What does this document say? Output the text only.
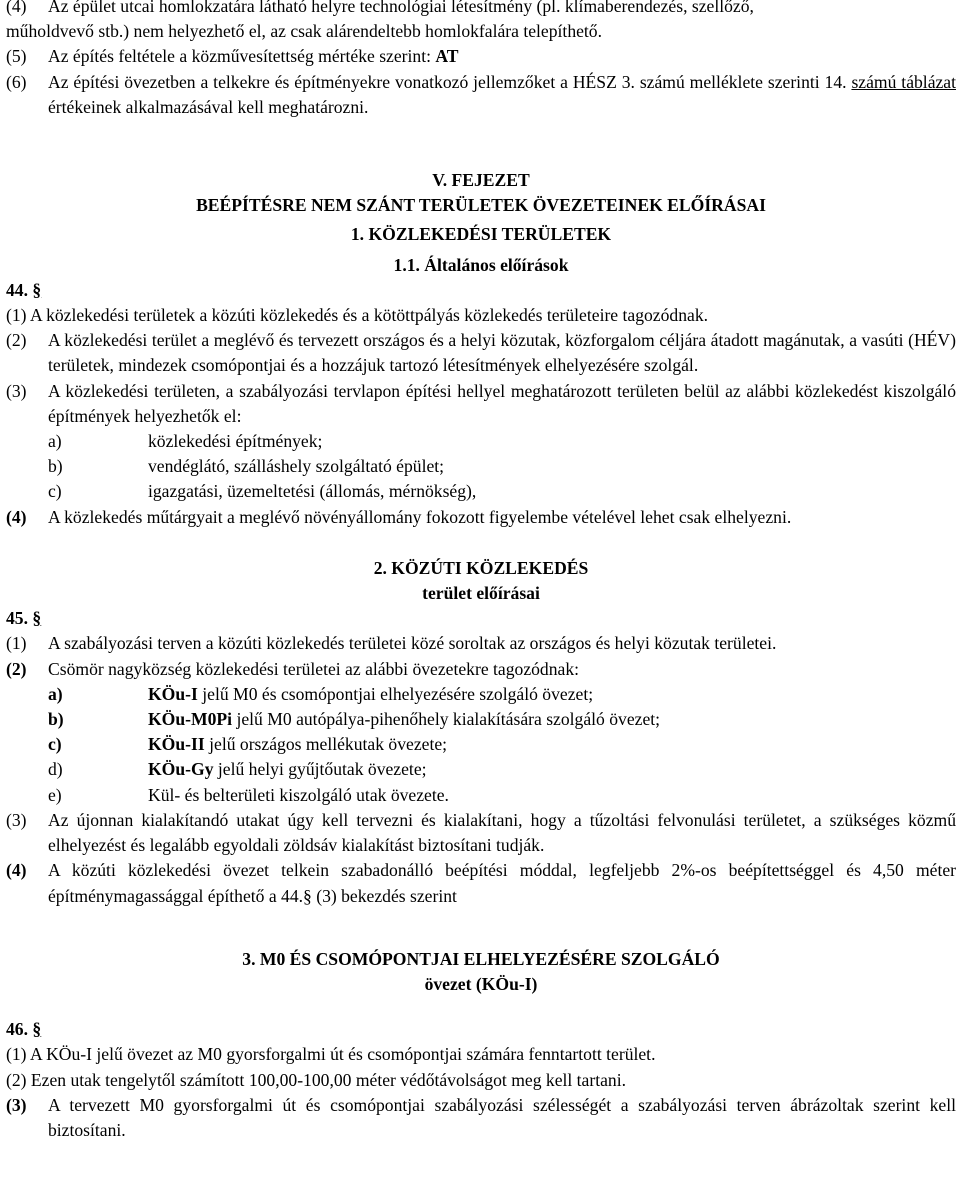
(4) Az épület utcai homlokzatára látható helyre technológiai létesítmény (pl. klímaberendezés, szellőző,
műholdvevő stb.) nem helyezhető el, az csak alárendeltebb homlokfalára telepíthető.
(5) Az építés feltétele a közművesítettség mértéke szerint: AT
(6) Az építési övezetben a telkekre és építményekre vonatkozó jellemzőket a HÉSZ 3. számú melléklete szerinti 14. számú táblázat értékeinek alkalmazásával kell meghatározni.
V. FEJEZET
BEÉPÍTÉSRE NEM SZÁNT TERÜLETEK ÖVEZETEINEK ELŐÍRÁSAI
1. KÖZLEKEDÉSI TERÜLETEK
1.1. Általános előírások
44. §
(1) A közlekedési területek a közúti közlekedés és a kötöttpályás közlekedés területeire tagozódnak.
(2) A közlekedési terület a meglévő és tervezett országos és a helyi közutak, közforgalom céljára átadott magánutak, a vasúti (HÉV) területek, mindezek csomópontjai és a hozzájuk tartozó létesítmények elhelyezésére szolgál.
(3) A közlekedési területen, a szabályozási tervlapon építési hellyel meghatározott területen belül az alábbi közlekedést kiszolgáló építmények helyezhetők el:
a)	közlekedési építmények;
b)	vendéglátó, szálláshely szolgáltató épület;
c)	igazgatási, üzemeltetési (állomás, mérnökség),
(4) A közlekedés műtárgyait a meglévő növényállomány fokozott figyelembe vételével lehet csak elhelyezni.
2. KÖZÚTI KÖZLEKEDÉS
terület előírásai
45. §
(1) A szabályozási terven a közúti közlekedés területei közé soroltak az országos és helyi közutak területei.
(2) Csömör nagyközség közlekedési területei az alábbi övezetekre tagozódnak:
a)	KÖu-I jelű M0 és csomópontjai elhelyezésére szolgáló övezet;
b)	KÖu-M0Pi jelű M0 autópálya-pihenőhely kialakítására szolgáló övezet;
c)	KÖu-II jelű országos mellékutak övezete;
d)	KÖu-Gy jelű helyi gyűjtőutak övezete;
e)	Kül- és belterületi kiszolgáló utak övezete.
(3) Az újonnan kialakítandó utakat úgy kell tervezni és kialakítani, hogy a tűzoltási felvonulási területet, a szükséges közmű elhelyezést és legalább egyoldali zöldsáv kialakítást biztosítani tudják.
(4) A közúti közlekedési övezet telkein szabadonálló beépítési móddal, legfeljebb 2%-os beépítettséggel és 4,50 méter építménymagassággal építhető a 44.§ (3) bekezdés szerint
3. M0 ÉS CSOMÓPONTJAI ELHELYEZÉSÉRE SZOLGÁLÓ
övezet (KÖu-I)
46. §
(1) A KÖu-I jelű övezet az M0 gyorsforgalmi út és csomópontjai számára fenntartott terület.
(2) Ezen utak tengelytől számított 100,00-100,00 méter védőtávolságot meg kell tartani.
(3) A tervezett M0 gyorsforgalmi út és csomópontjai szabályozási szélességét a szabályozási terven ábrázoltak szerint kell biztosítani.
